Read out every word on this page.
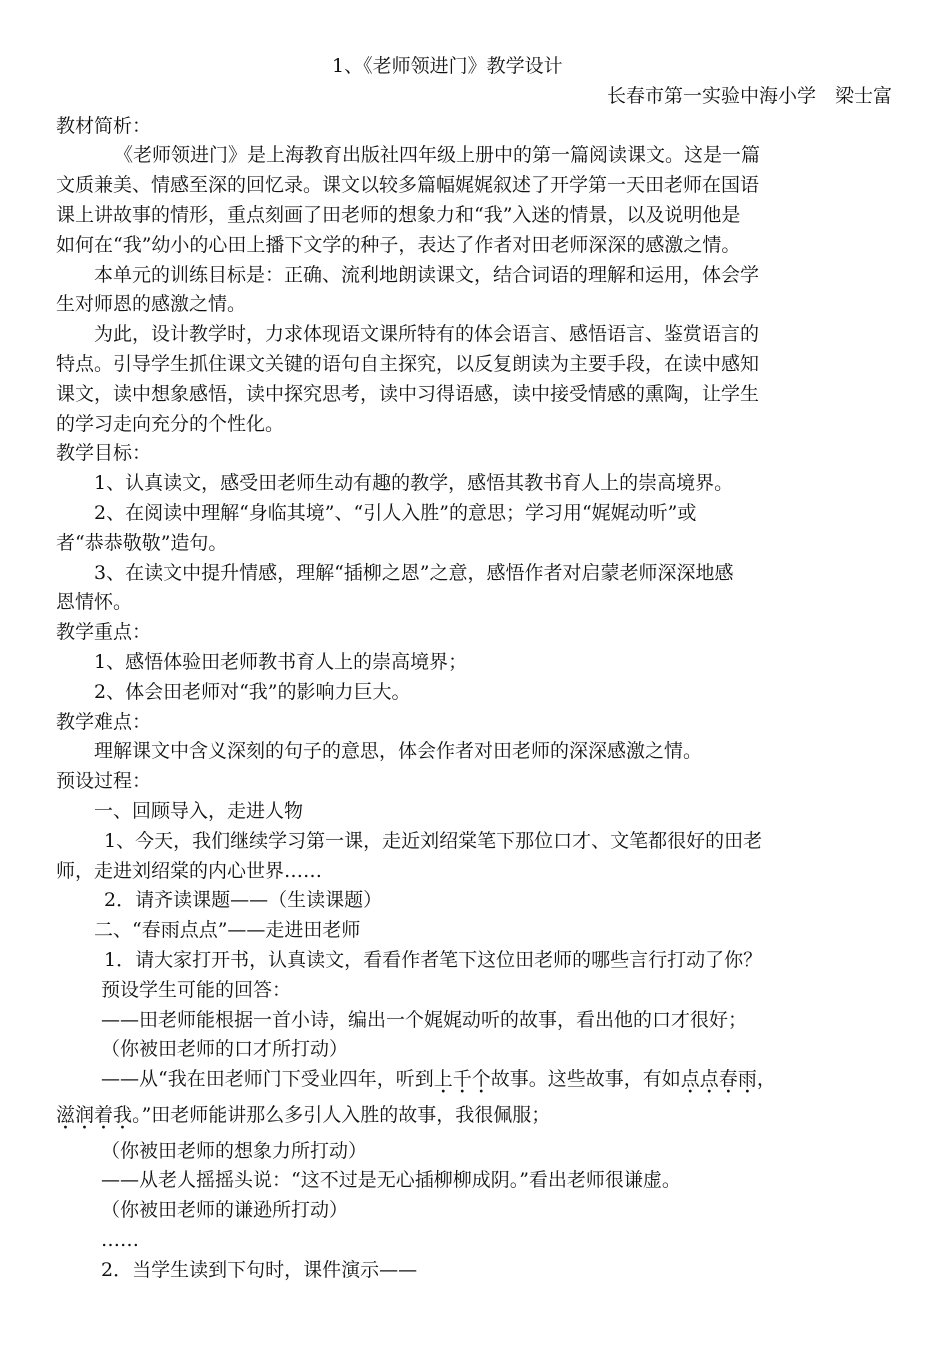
1、《老师领进门》教学设计
长春市第一实验中海小学　梁士富
教材简析：
《老师领进门》是上海教育出版社四年级上册中的第一篇阅读课文。这是一篇
文质兼美、情感至深的回忆录。课文以较多篇幅娓娓叙述了开学第一天田老师在国语
课上讲故事的情形，重点刻画了田老师的想象力和“我”入迷的情景，以及说明他是
如何在“我”幼小的心田上播下文学的种子，表达了作者对田老师深深的感激之情。
本单元的训练目标是：正确、流利地朗读课文，结合词语的理解和运用，体会学
生对师恩的感激之情。
为此，设计教学时，力求体现语文课所特有的体会语言、感悟语言、鉴赏语言的
特点。引导学生抓住课文关键的语句自主探究，以反复朗读为主要手段，在读中感知
课文，读中想象感悟，读中探究思考，读中习得语感，读中接受情感的熏陶，让学生
的学习走向充分的个性化。
教学目标：
1、认真读文，感受田老师生动有趣的教学，感悟其教书育人上的崇高境界。
2、在阅读中理解“身临其境”、“引人入胜”的意思；学习用“娓娓动听”或
者“恭恭敬敬”造句。
3、在读文中提升情感，理解“插柳之恩”之意，感悟作者对启蒙老师深深地感
恩情怀。
教学重点：
1、感悟体验田老师教书育人上的崇高境界；
2、体会田老师对“我”的影响力巨大。
教学难点：
理解课文中含义深刻的句子的意思，体会作者对田老师的深深感激之情。
预设过程：
一、回顾导入，走进人物
1、今天，我们继续学习第一课，走近刘绍棠笔下那位口才、文笔都很好的田老
师，走进刘绍棠的内心世界……
2．请齐读课题——（生读课题）
二、“春雨点点”——走进田老师
1．请大家打开书，认真读文，看看作者笔下这位田老师的哪些言行打动了你？
预设学生可能的回答：
——田老师能根据一首小诗，编出一个娓娓动听的故事，看出他的口才很好；
（你被田老师的口才所打动）
——从“我在田老师门下受业四年，听到上千个故事。这些故事，有如点点春雨，
滋润着我。”田老师能讲那么多引人入胜的故事，我很佩服；
（你被田老师的想象力所打动）
——从老人摇摇头说：“这不过是无心插柳柳成阴。”看出老师很谦虚。
（你被田老师的谦逊所打动）
……
2．当学生读到下句时，课件演示——
